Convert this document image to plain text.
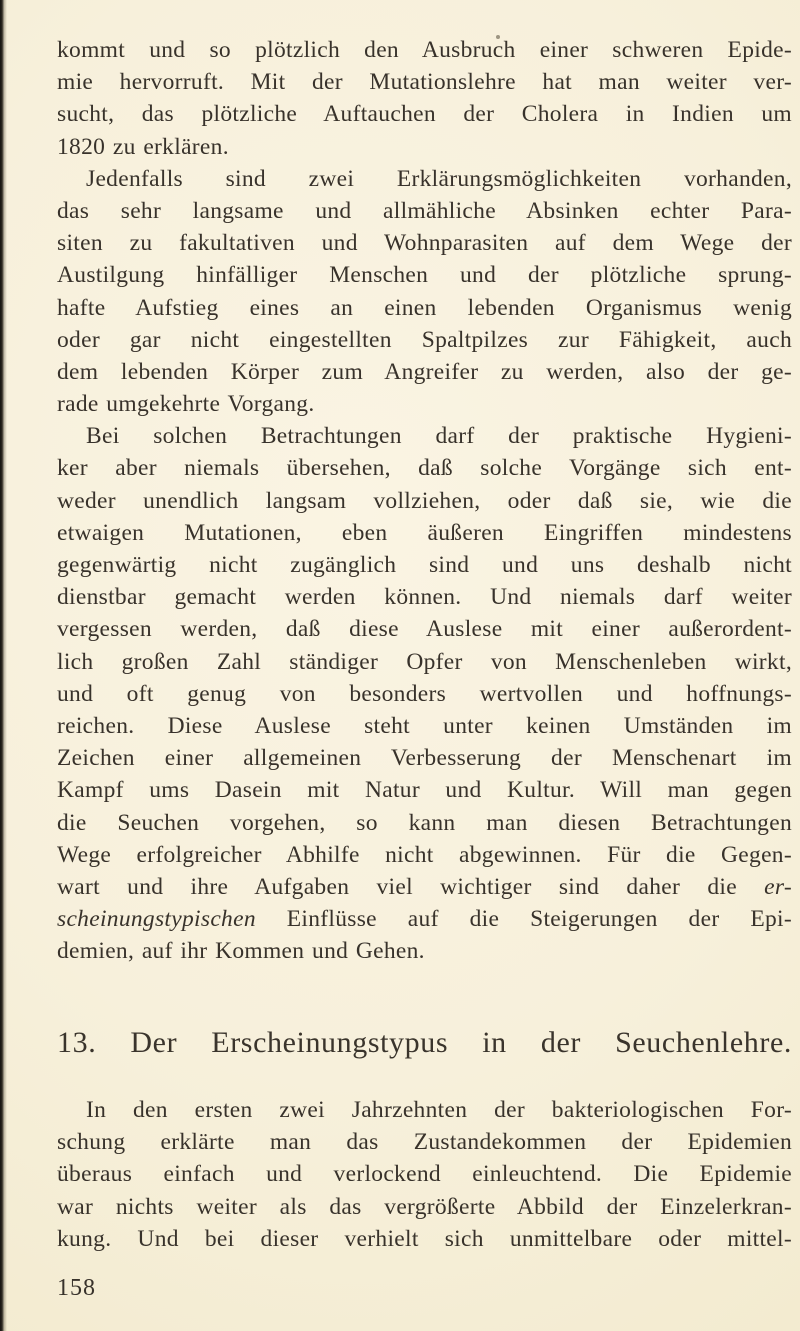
kommt und so plötzlich den Ausbruch einer schweren Epide-
mie hervorruft. Mit der Mutationslehre hat man weiter ver-
sucht, das plötzliche Auftauchen der Cholera in Indien um
1820 zu erklären.
Jedenfalls sind zwei Erklärungsmöglichkeiten vorhanden,
das sehr langsame und allmähliche Absinken echter Para-
siten zu fakultativen und Wohnparasiten auf dem Wege der
Austilgung hinfälliger Menschen und der plötzliche sprung-
hafte Aufstieg eines an einen lebenden Organismus wenig
oder gar nicht eingestellten Spaltpilzes zur Fähigkeit, auch
dem lebenden Körper zum Angreifer zu werden, also der ge-
rade umgekehrte Vorgang.
Bei solchen Betrachtungen darf der praktische Hygieni-
ker aber niemals übersehen, daß solche Vorgänge sich ent-
weder unendlich langsam vollziehen, oder daß sie, wie die
etwaigen Mutationen, eben äußeren Eingriffen mindestens
gegenwärtig nicht zugänglich sind und uns deshalb nicht
dienstbar gemacht werden können. Und niemals darf weiter
vergessen werden, daß diese Auslese mit einer außerordent-
lich großen Zahl ständiger Opfer von Menschenleben wirkt,
und oft genug von besonders wertvollen und hoffnungs-
reichen. Diese Auslese steht unter keinen Umständen im
Zeichen einer allgemeinen Verbesserung der Menschenart im
Kampf ums Dasein mit Natur und Kultur. Will man gegen
die Seuchen vorgehen, so kann man diesen Betrachtungen
Wege erfolgreicher Abhilfe nicht abgewinnen. Für die Gegen-
wart und ihre Aufgaben viel wichtiger sind daher die er-
scheinungstypischen Einflüsse auf die Steigerungen der Epi-
demien, auf ihr Kommen und Gehen.
13. Der Erscheinungstypus in der Seuchenlehre.
In den ersten zwei Jahrzehnten der bakteriologischen For-
schung erklärte man das Zustandekommen der Epidemien
überaus einfach und verlockend einleuchtend. Die Epidemie
war nichts weiter als das vergrößerte Abbild der Einzelerkran-
kung. Und bei dieser verhielt sich unmittelbare oder mittel-
158
